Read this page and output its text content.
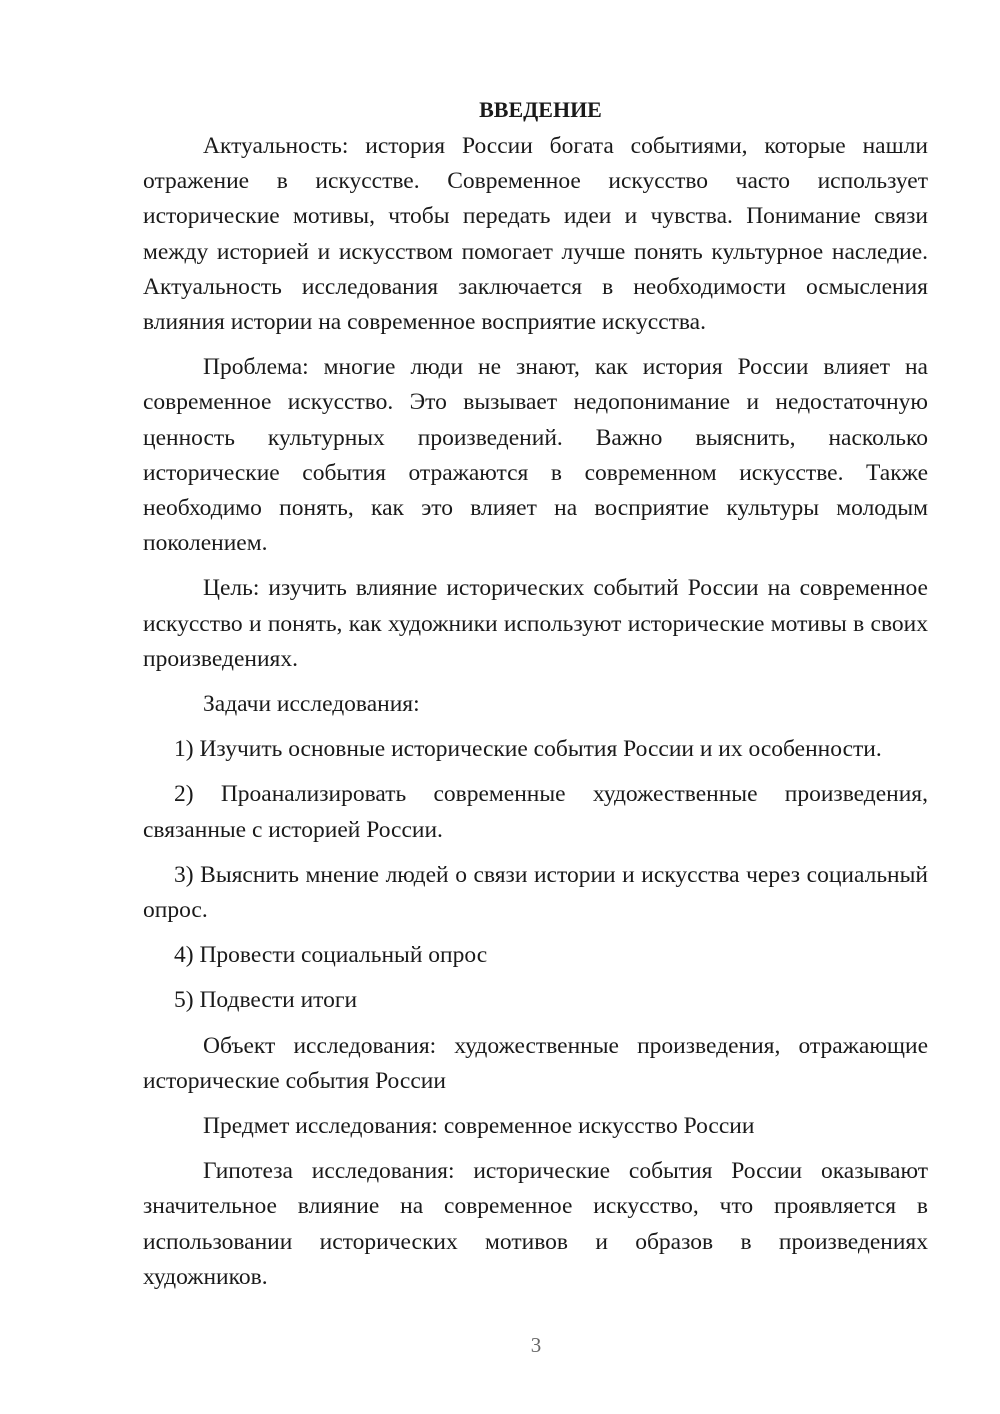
ВВЕДЕНИЕ

Актуальность: история России богата событиями, которые нашли отражение в искусстве. Современное искусство часто использует исторические мотивы, чтобы передать идеи и чувства. Понимание связи между историей и искусством помогает лучше понять культурное наследие. Актуальность исследования заключается в необходимости осмысления влияния истории на современное восприятие искусства.

Проблема: многие люди не знают, как история России влияет на современное искусство. Это вызывает недопонимание и недостаточную ценность культурных произведений. Важно выяснить, насколько исторические события отражаются в современном искусстве. Также необходимо понять, как это влияет на восприятие культуры молодым поколением.

Цель: изучить влияние исторических событий России на современное искусство и понять, как художники используют исторические мотивы в своих произведениях.

Задачи исследования:

1) Изучить основные исторические события России и их особенности.

2) Проанализировать современные художественные произведения, связанные с историей России.

3) Выяснить мнение людей о связи истории и искусства через социальный опрос.

4) Провести социальный опрос

5) Подвести итоги

Объект исследования: художественные произведения, отражающие исторические события России

Предмет исследования: современное искусство России

Гипотеза исследования: исторические события России оказывают значительное влияние на современное искусство, что проявляется в использовании исторических мотивов и образов в произведениях художников.

3
